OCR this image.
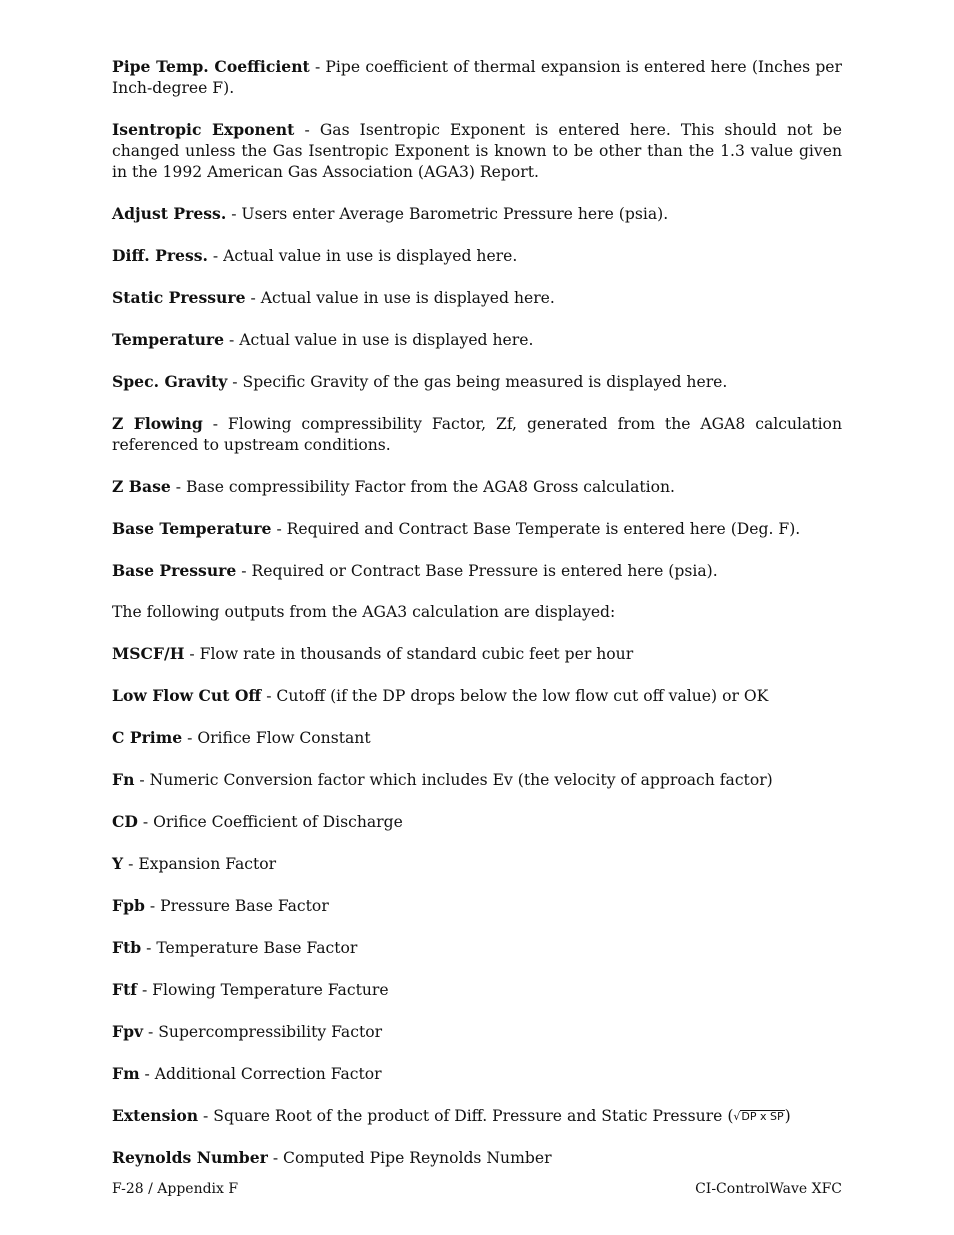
Pipe Temp. Coefficient - Pipe coefficient of thermal expansion is entered here (Inches per Inch-degree F).

Isentropic Exponent - Gas Isentropic Exponent is entered here. This should not be changed unless the Gas Isentropic Exponent is known to be other than the 1.3 value given in the 1992 American Gas Association (AGA3) Report.

Adjust Press. - Users enter Average Barometric Pressure here (psia).

Diff. Press. - Actual value in use is displayed here.

Static Pressure - Actual value in use is displayed here.

Temperature - Actual value in use is displayed here.

Spec. Gravity - Specific Gravity of the gas being measured is displayed here.

Z Flowing - Flowing compressibility Factor, Zf, generated from the AGA8 calculation referenced to upstream conditions.

Z Base - Base compressibility Factor from the AGA8 Gross calculation.

Base Temperature - Required and Contract Base Temperate is entered here (Deg. F).

Base Pressure - Required or Contract Base Pressure is entered here (psia).

The following outputs from the AGA3 calculation are displayed:

MSCF/H - Flow rate in thousands of standard cubic feet per hour

Low Flow Cut Off - Cutoff (if the DP drops below the low flow cut off value) or OK

C Prime - Orifice Flow Constant

Fn - Numeric Conversion factor which includes Ev (the velocity of approach factor)

CD - Orifice Coefficient of Discharge

Y - Expansion Factor

Fpb - Pressure Base Factor

Ftb - Temperature Base Factor

Ftf - Flowing Temperature Facture

Fpv - Supercompressibility Factor

Fm - Additional Correction Factor

Extension - Square Root of the product of Diff. Pressure and Static Pressure (√DP x SP)

Reynolds Number - Computed Pipe Reynolds Number

F-28 / Appendix F	CI-ControlWave XFC
